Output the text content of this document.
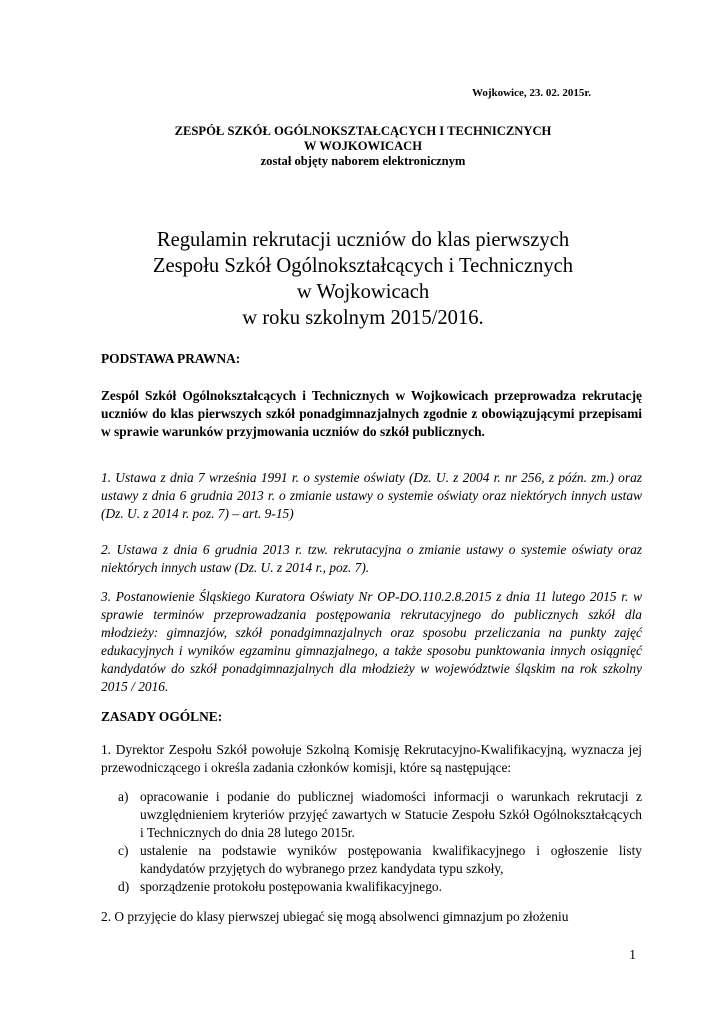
Wojkowice, 23. 02. 2015r.
ZESPÓŁ SZKÓŁ OGÓLNOKSZTAŁCĄCYCH I TECHNICZNYCH
W WOJKOWICACH
został objęty naborem elektronicznym
Regulamin rekrutacji uczniów do klas pierwszych
Zespołu Szkół Ogólnokształcących i Technicznych
w Wojkowicach
w roku szkolnym 2015/2016.
PODSTAWA PRAWNA:
Zespól Szkół Ogólnokształcących i Technicznych w Wojkowicach przeprowadza rekrutację uczniów do klas pierwszych szkół ponadgimnazjalnych zgodnie z obowiązującymi przepisami w sprawie warunków przyjmowania uczniów do szkół publicznych.
1. Ustawa z dnia 7 września 1991 r. o systemie oświaty (Dz. U. z 2004 r. nr 256, z późn. zm.) oraz ustawy z dnia 6 grudnia 2013 r. o zmianie ustawy o systemie oświaty oraz niektórych innych ustaw (Dz. U. z 2014 r. poz. 7) – art. 9-15)
2. Ustawa z dnia 6 grudnia 2013 r. tzw. rekrutacyjna o zmianie ustawy o systemie oświaty oraz niektórych innych ustaw (Dz. U. z 2014 r., poz. 7).
3. Postanowienie Śląskiego Kuratora Oświaty Nr OP-DO.110.2.8.2015 z dnia 11 lutego 2015 r. w sprawie terminów przeprowadzania postępowania rekrutacyjnego do publicznych szkół dla młodzieży: gimnazjów, szkół ponadgimnazjalnych oraz sposobu przeliczania na punkty zajęć edukacyjnych i wyników egzaminu gimnazjalnego, a także sposobu punktowania innych osiągnięć kandydatów do szkół ponadgimnazjalnych dla młodzieży w województwie śląskim na rok szkolny 2015 / 2016.
ZASADY OGÓLNE:
1. Dyrektor Zespołu Szkół powołuje Szkolną Komisję Rekrutacyjno-Kwalifikacyjną, wyznacza jej przewodniczącego i określa zadania członków komisji, które są następujące:
a) opracowanie i podanie do publicznej wiadomości informacji o warunkach rekrutacji z uwzględnieniem kryteriów przyjęć zawartych w Statucie Zespołu Szkół Ogólnokształcących i Technicznych do dnia 28 lutego 2015r.
c) ustalenie na podstawie wyników postępowania kwalifikacyjnego i ogłoszenie listy kandydatów przyjętych do wybranego przez kandydata typu szkoły,
d) sporządzenie protokołu postępowania kwalifikacyjnego.
2. O przyjęcie do klasy pierwszej ubiegać się mogą absolwenci gimnazjum po złożeniu
1
